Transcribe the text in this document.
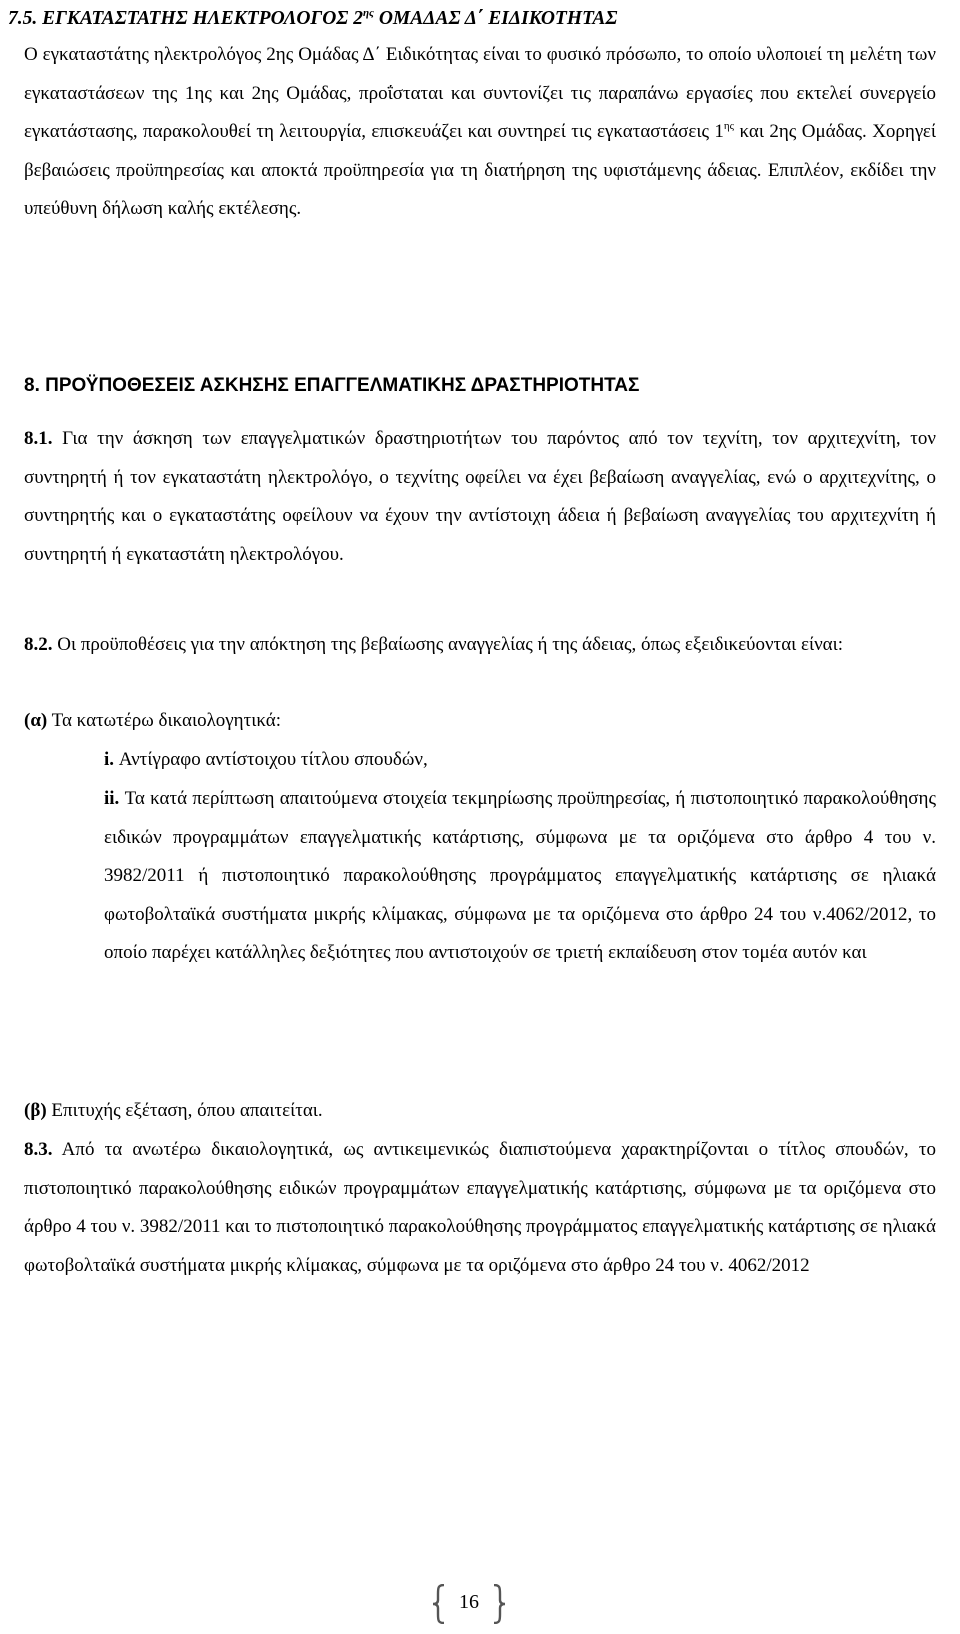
7.5. ΕΓΚΑΤΑΣΤΑΤΗΣ ΗΛΕΚΤΡΟΛΟΓΟΣ $2^{\eta\varsigma}$ ΟΜΑΔΑΣ Δ΄ ΕΙΔΙΚΟΤΗΤΑΣ
Ο εγκαταστάτης ηλεκτρολόγος 2ης Ομάδας Δ΄ Ειδικότητας είναι το φυσικό πρόσωπο, το οποίο υλοποιεί τη μελέτη των εγκαταστάσεων της 1ης και 2ης Ομάδας, προΐσταται και συντονίζει τις παραπάνω εργασίες που εκτελεί συνεργείο εγκατάστασης, παρακολουθεί τη λειτουργία, επισκευάζει και συντηρεί τις εγκαταστάσεις $1^{\eta\varsigma}$ και 2ης Ομάδας. Χορηγεί βεβαιώσεις προϋπηρεσίας και αποκτά προϋπηρεσία για τη διατήρηση της υφιστάμενης άδειας. Επιπλέον, εκδίδει την υπεύθυνη δήλωση καλής εκτέλεσης.
8. ΠΡΟΫΠΟΘΕΣΕΙΣ ΑΣΚΗΣΗΣ ΕΠΑΓΓΕΛΜΑΤΙΚΗΣ ΔΡΑΣΤΗΡΙΟΤΗΤΑΣ
8.1. Για την άσκηση των επαγγελματικών δραστηριοτήτων του παρόντος από τον τεχνίτη, τον αρχιτεχνίτη, τον συντηρητή ή τον εγκαταστάτη ηλεκτρολόγο, ο τεχνίτης οφείλει να έχει βεβαίωση αναγγελίας, ενώ ο αρχιτεχνίτης, ο συντηρητής και ο εγκαταστάτης οφείλουν να έχουν την αντίστοιχη άδεια ή βεβαίωση αναγγελίας του αρχιτεχνίτη ή συντηρητή ή εγκαταστάτη ηλεκτρολόγου.
8.2. Οι προϋποθέσεις για την απόκτηση της βεβαίωσης αναγγελίας ή της άδειας, όπως εξειδικεύονται είναι:
(α) Τα κατωτέρω δικαιολογητικά:
i. Αντίγραφο αντίστοιχου τίτλου σπουδών,
ii. Τα κατά περίπτωση απαιτούμενα στοιχεία τεκμηρίωσης προϋπηρεσίας, ή πιστοποιητικό παρακολούθησης ειδικών προγραμμάτων επαγγελματικής κατάρτισης, σύμφωνα με τα οριζόμενα στο άρθρο 4 του ν. 3982/2011 ή πιστοποιητικό παρακολούθησης προγράμματος επαγγελματικής κατάρτισης σε ηλιακά φωτοβολταϊκά συστήματα μικρής κλίμακας, σύμφωνα με τα οριζόμενα στο άρθρο 24 του ν.4062/2012, το οποίο παρέχει κατάλληλες δεξιότητες που αντιστοιχούν σε τριετή εκπαίδευση στον τομέα αυτόν και
(β) Επιτυχής εξέταση, όπου απαιτείται.
8.3. Από τα ανωτέρω δικαιολογητικά, ως αντικειμενικώς διαπιστούμενα χαρακτηρίζονται ο τίτλος σπουδών, το πιστοποιητικό παρακολούθησης ειδικών προγραμμάτων επαγγελματικής κατάρτισης, σύμφωνα με τα οριζόμενα στο άρθρο 4 του ν. 3982/2011 και το πιστοποιητικό παρακολούθησης προγράμματος επαγγελματικής κατάρτισης σε ηλιακά φωτοβολταϊκά συστήματα μικρής κλίμακας, σύμφωνα με τα οριζόμενα στο άρθρο 24 του ν. 4062/2012
16
